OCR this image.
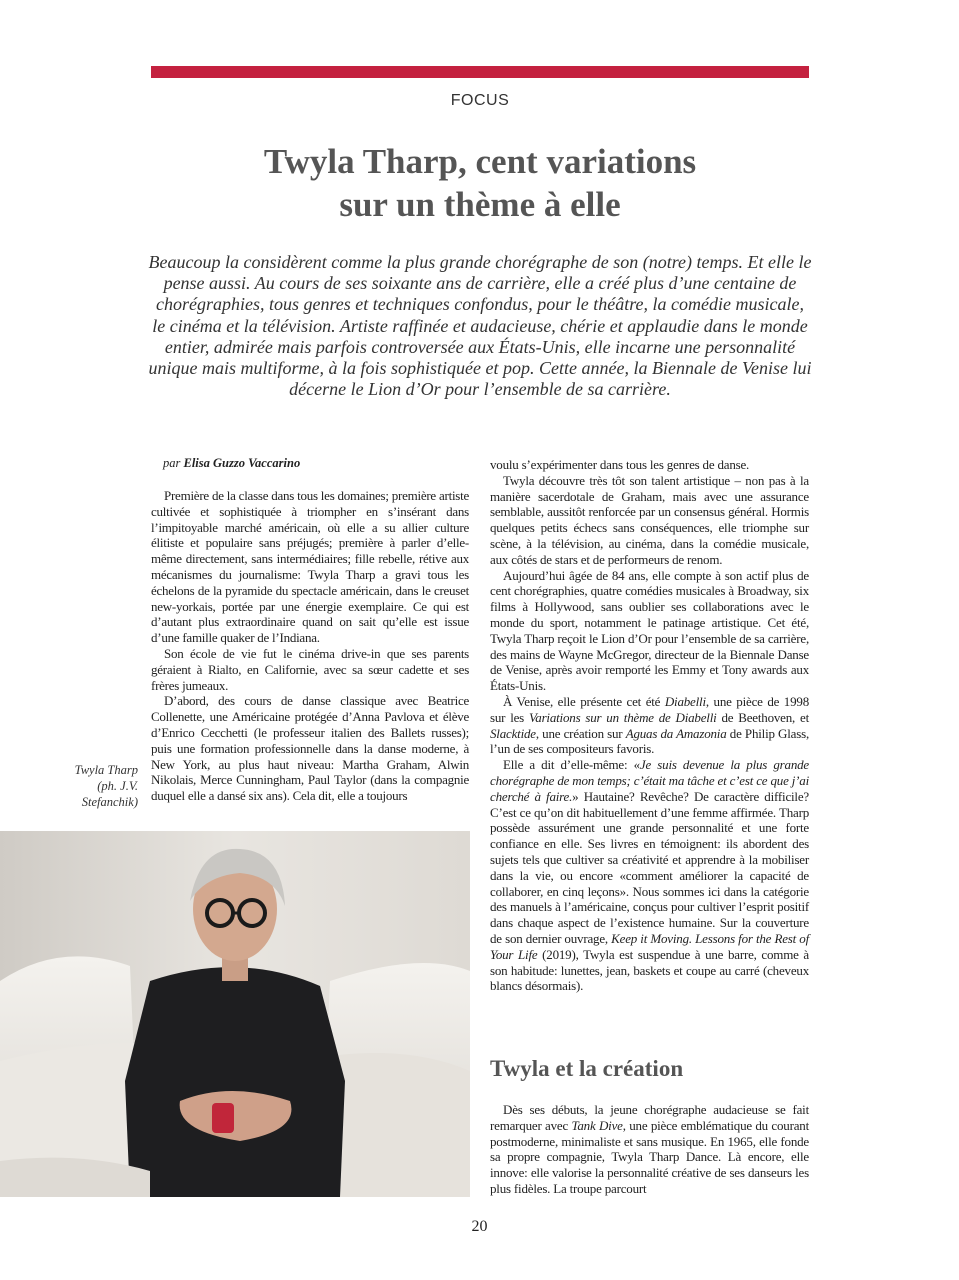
FOCUS
Twyla Tharp, cent variations
sur un thème à elle

Beaucoup la considèrent comme la plus grande chorégraphe de son (notre) temps. Et elle le pense aussi. Au cours de ses soixante ans de carrière, elle a créé plus d’une centaine de chorégraphies, tous genres et techniques confondus, pour le théâtre, la comédie musicale, le cinéma et la télévision. Artiste raffinée et audacieuse, chérie et applaudie dans le monde entier, admirée mais parfois controversée aux États-Unis, elle incarne une personnalité unique mais multiforme, à la fois sophistiquée et pop. Cette année, la Biennale de Venise lui décerne le Lion d’Or pour l’ensemble de sa carrière.

par Elisa Guzzo Vaccarino

Première de la classe dans tous les domaines; première artiste cultivée et sophistiquée à triompher en s’insérant dans l’impitoyable marché américain, où elle a su allier culture élitiste et populaire sans préjugés; première à parler d’elle-même directement, sans intermédiaires; fille rebelle, rétive aux mécanismes du journalisme: Twyla Tharp a gravi tous les échelons de la pyramide du spectacle américain, dans le creuset new-yorkais, portée par une énergie exemplaire. Ce qui est d’autant plus extraordinaire quand on sait qu’elle est issue d’une famille quaker de l’Indiana.

Son école de vie fut le cinéma drive-in que ses parents géraient à Rialto, en Californie, avec sa sœur cadette et ses frères jumeaux.

D’abord, des cours de danse classique avec Beatrice Collenette, une Américaine protégée d’Anna Pavlova et élève d’Enrico Cecchetti (le professeur italien des Ballets russes); puis une formation professionnelle dans la danse moderne, à New York, au plus haut niveau: Martha Graham, Alwin Nikolais, Merce Cunningham, Paul Taylor (dans la compagnie duquel elle a dansé six ans). Cela dit, elle a toujours

Twyla Tharp
(ph. J.V.
Stefanchik)

voulu s’expérimenter dans tous les genres de danse.

Twyla découvre très tôt son talent artistique – non pas à la manière sacerdotale de Graham, mais avec une assurance semblable, aussitôt renforcée par un consensus général. Hormis quelques petits échecs sans conséquences, elle triomphe sur scène, à la télévision, au cinéma, dans la comédie musicale, aux côtés de stars et de performeurs de renom.

Aujourd’hui âgée de 84 ans, elle compte à son actif plus de cent chorégraphies, quatre comédies musicales à Broadway, six films à Hollywood, sans oublier ses collaborations avec le monde du sport, notamment le patinage artistique. Cet été, Twyla Tharp reçoit le Lion d’Or pour l’ensemble de sa carrière, des mains de Wayne McGregor, directeur de la Biennale Danse de Venise, après avoir remporté les Emmy et Tony awards aux États-Unis.

À Venise, elle présente cet été Diabelli, une pièce de 1998 sur les Variations sur un thème de Diabelli de Beethoven, et Slacktide, une création sur Aguas da Amazonia de Philip Glass, l’un de ses compositeurs favoris.

Elle a dit d’elle-même: «Je suis devenue la plus grande chorégraphe de mon temps; c’était ma tâche et c’est ce que j’ai cherché à faire.» Hautaine? Revêche? De caractère difficile? C’est ce qu’on dit habituellement d’une femme affirmée. Tharp possède assurément une grande personnalité et une forte confiance en elle. Ses livres en témoignent: ils abordent des sujets tels que cultiver sa créativité et apprendre à la mobiliser dans la vie, ou encore «comment améliorer la capacité de collaborer, en cinq leçons». Nous sommes ici dans la catégorie des manuels à l’américaine, conçus pour cultiver l’esprit positif dans chaque aspect de l’existence humaine. Sur la couverture de son dernier ouvrage, Keep it Moving. Lessons for the Rest of Your Life (2019), Twyla est suspendue à une barre, comme à son habitude: lunettes, jean, baskets et coupe au carré (cheveux blancs désormais).

Twyla et la création

Dès ses débuts, la jeune chorégraphe audacieuse se fait remarquer avec Tank Dive, une pièce emblématique du courant postmoderne, minimaliste et sans musique. En 1965, elle fonde sa propre compagnie, Twyla Tharp Dance. Là encore, elle innove: elle valorise la personnalité créative de ses danseurs les plus fidèles. La troupe parcourt

20
